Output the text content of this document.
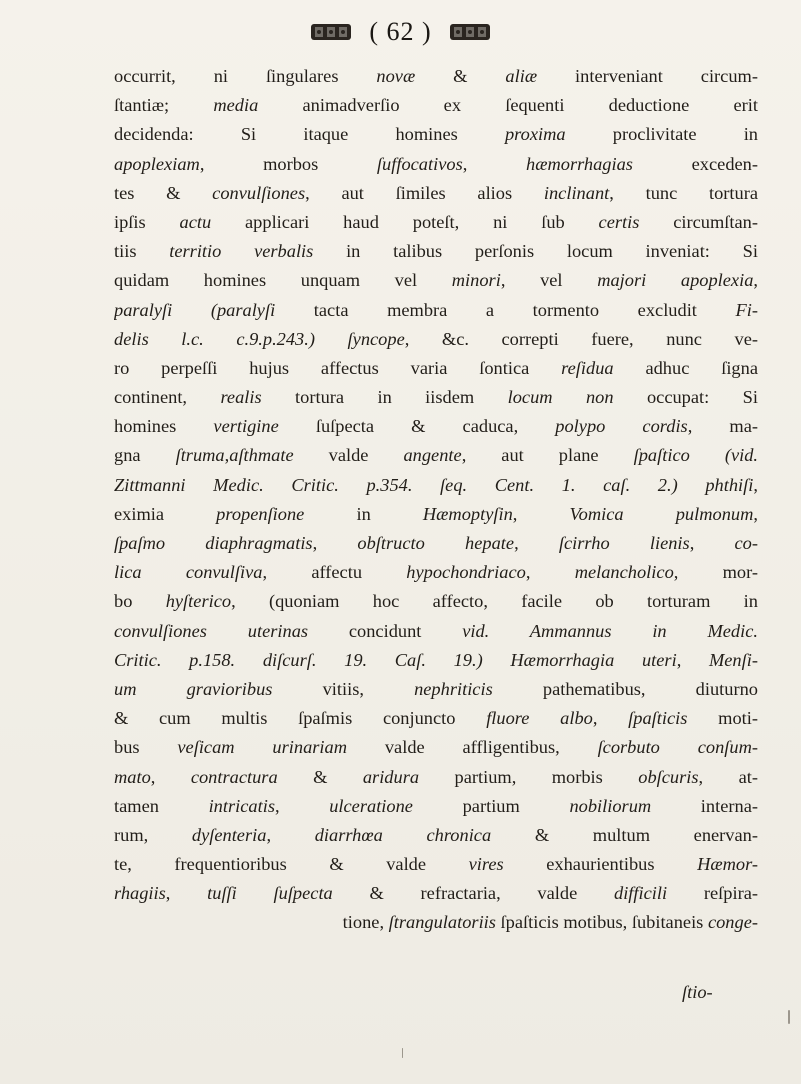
( 62 )
occurrit, ni ſingulares novæ & aliæ interveniant circum-
ſtantiæ; media animadverſio ex ſequenti deductione erit
decidenda: Si itaque homines proxima proclivitate in
apoplexiam, morbos ſuffocativos, hæmorrhagias exceden-
tes & convulſiones, aut ſimiles alios inclinant, tunc tortura
ipſis actu applicari haud poteſt, ni ſub certis circumſtan-
tiis territio verbalis in talibus perſonis locum inveniat: Si
quidam homines unquam vel minori, vel majori apoplexia,
paralyſi (paralyſi tacta membra a tormento excludit Fi-
delis l.c. c.9.p.243.) ſyncope, &c. correpti fuere, nunc ve-
ro perpeſſi hujus affectus varia ſontica reſidua adhuc ſigna
continent, realis tortura in iisdem locum non occupat: Si
homines vertigine ſuſpecta & caduca, polypo cordis, ma-
gna ſtruma,aſthmate valde angente, aut plane ſpaſtico (vid.
Zittmanni Medic. Critic. p.354. ſeq. Cent. 1. caſ. 2.) phthiſi,
eximia propenſione in Hæmoptyſin, Vomica pulmonum,
ſpaſmo diaphragmatis, obſtructo hepate, ſcirrho lienis, co-
lica convulſiva, affectu hypochondriaco, melancholico, mor-
bo hyſterico, (quoniam hoc affecto, facile ob torturam in
convulſiones uterinas concidunt vid. Ammannus in Medic.
Critic. p.158. diſcurſ. 19. Caſ. 19.) Hæmorrhagia uteri, Menſi-
um gravioribus vitiis, nephriticis pathematibus, diuturno
& cum multis ſpaſmis conjuncto fluore albo, ſpaſticis moti-
bus veſicam urinariam valde affligentibus, ſcorbuto conſum-
mato, contractura & aridura partium, morbis obſcuris, at-
tamen intricatis, ulceratione partium nobiliorum interna-
rum, dyſenteria, diarrhœa chronica & multum enervan-
te, frequentioribus & valde vires exhaurientibus Hæmor-
rhagiis, tuſſi ſuſpecta & refractaria, valde difficili reſpira-
tione, ſtrangulatoriis ſpaſticis motibus, ſubitaneis conge-
ſtio-
